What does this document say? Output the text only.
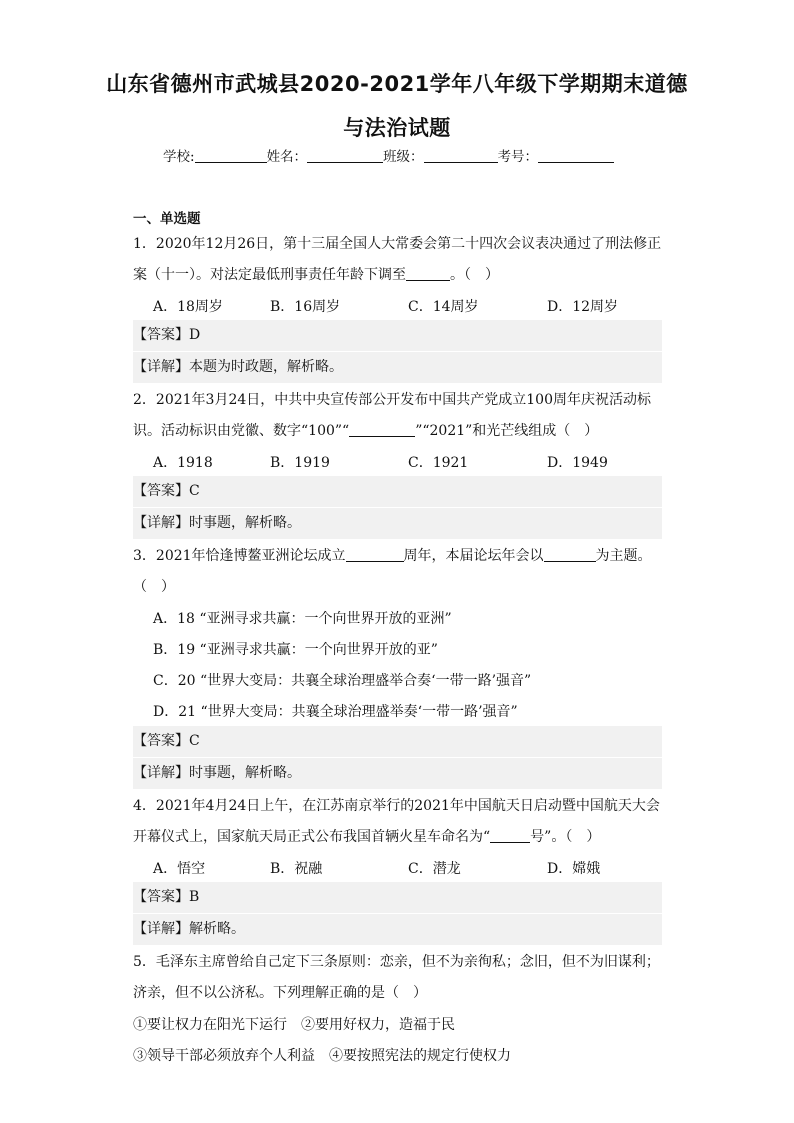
山东省德州市武城县2020-2021学年八年级下学期期末道德
与法治试题
学校:	姓名：	班级：	考号：
一、单选题
1．2020年12月26日，第十三届全国人大常委会第二十四次会议表决通过了刑法修正
案（十一）。对法定最低刑事责任年龄下调至	。（　）
A．18周岁	B．16周岁	C．14周岁	D．12周岁
【答案】D
【详解】本题为时政题，解析略。
2．2021年3月24日，中共中央宣传部公开发布中国共产党成立100周年庆祝活动标
识。活动标识由党徽、数字“100”“	”“2021”和光芒线组成（　）
A．1918	B．1919	C．1921	D．1949
【答案】C
【详解】时事题，解析略。
3．2021年恰逢博鳌亚洲论坛成立	周年，本届论坛年会以	为主题。
（　）
A．18 “亚洲寻求共赢：一个向世界开放的亚洲”
B．19 “亚洲寻求共赢：一个向世界开放的亚”
C．20 “世界大变局：共襄全球治理盛举合奏‘一带一路’强音”
D．21 “世界大变局：共襄全球治理盛举奏‘一带一路’强音”
【答案】C
【详解】时事题，解析略。
4．2021年4月24日上午，在江苏南京举行的2021年中国航天日启动暨中国航天大会
开幕仪式上，国家航天局正式公布我国首辆火星车命名为“	号”。（　）
A．悟空	B．祝融	C．潜龙	D．嫦娥
【答案】B
【详解】解析略。
5．毛泽东主席曾给自己定下三条原则：恋亲，但不为亲徇私；念旧，但不为旧谋利；
济亲，但不以公济私。下列理解正确的是（　）
①要让权力在阳光下运行　②要用好权力，造福于民
③领导干部必须放弃个人利益　④要按照宪法的规定行使权力
